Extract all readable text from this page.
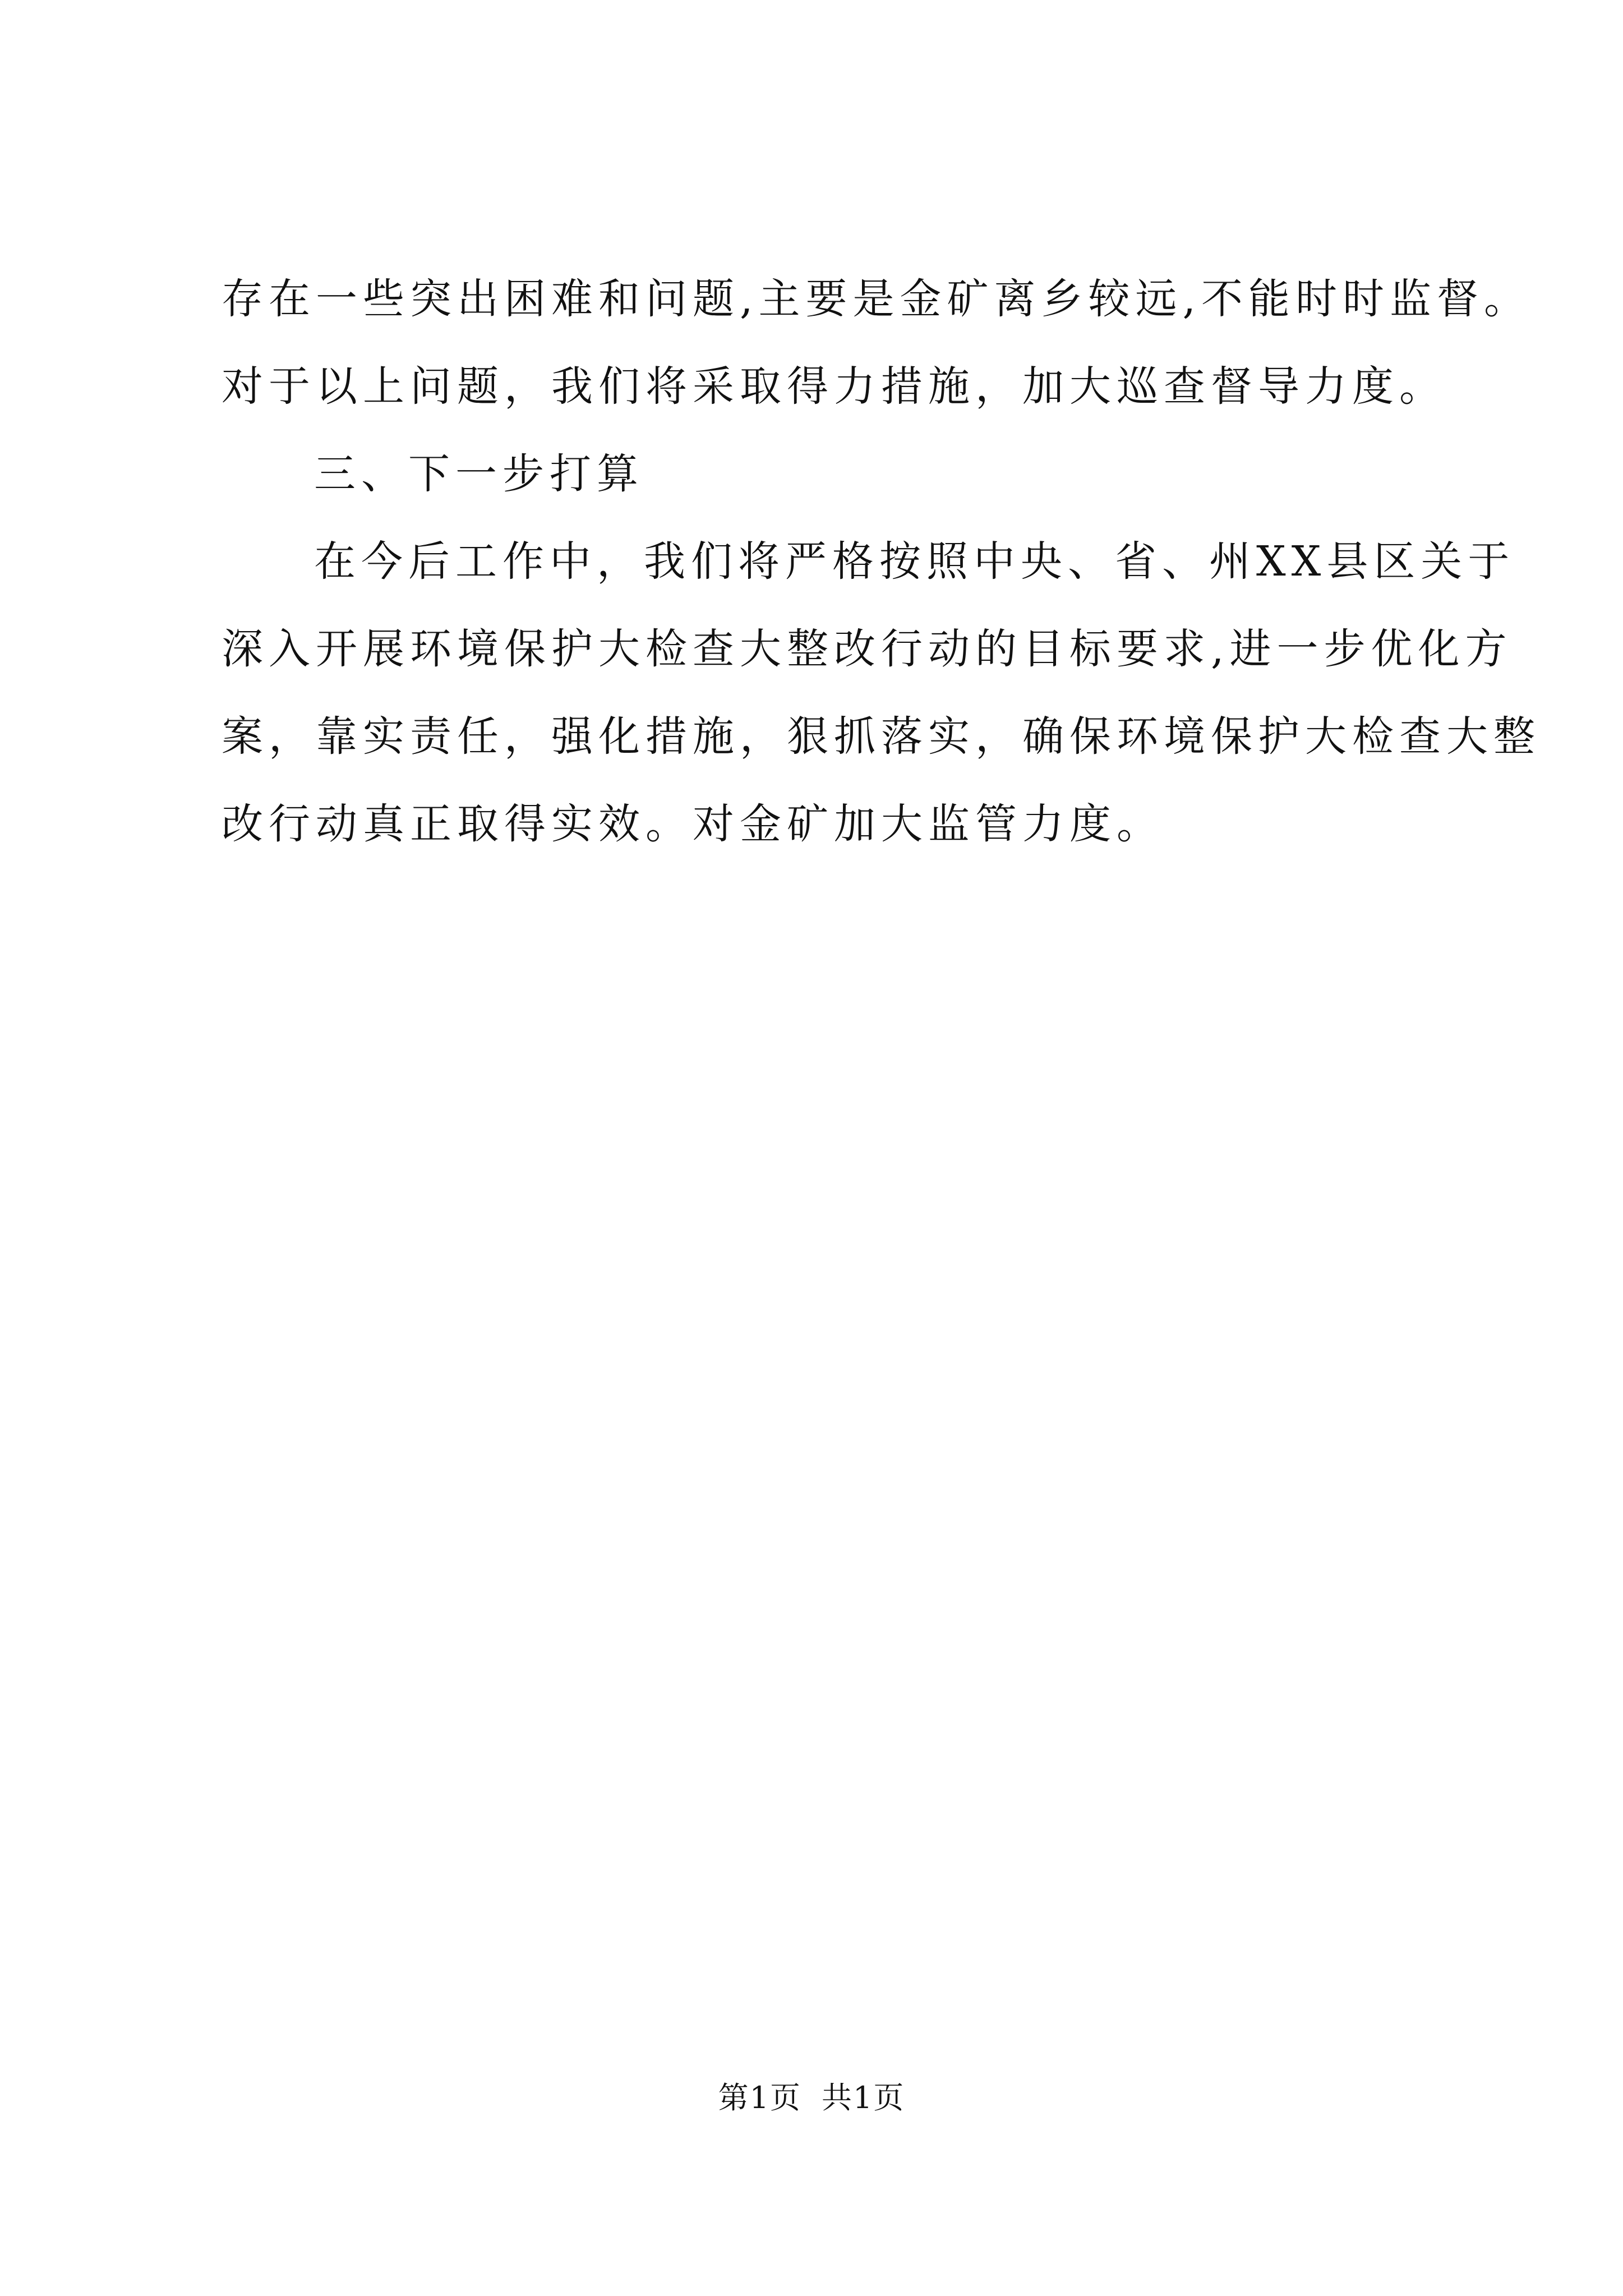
存在一些突出困难和问题,主要是金矿离乡较远,不能时时监督。
对于以上问题，我们将采取得力措施，加大巡查督导力度。
三、下一步打算
在今后工作中，我们将严格按照中央、省、州XX县区关于
深入开展环境保护大检查大整改行动的目标要求,进一步优化方
案，靠实责任，强化措施，狠抓落实，确保环境保护大检查大整
改行动真正取得实效。对金矿加大监管力度。
第1页 共1页
